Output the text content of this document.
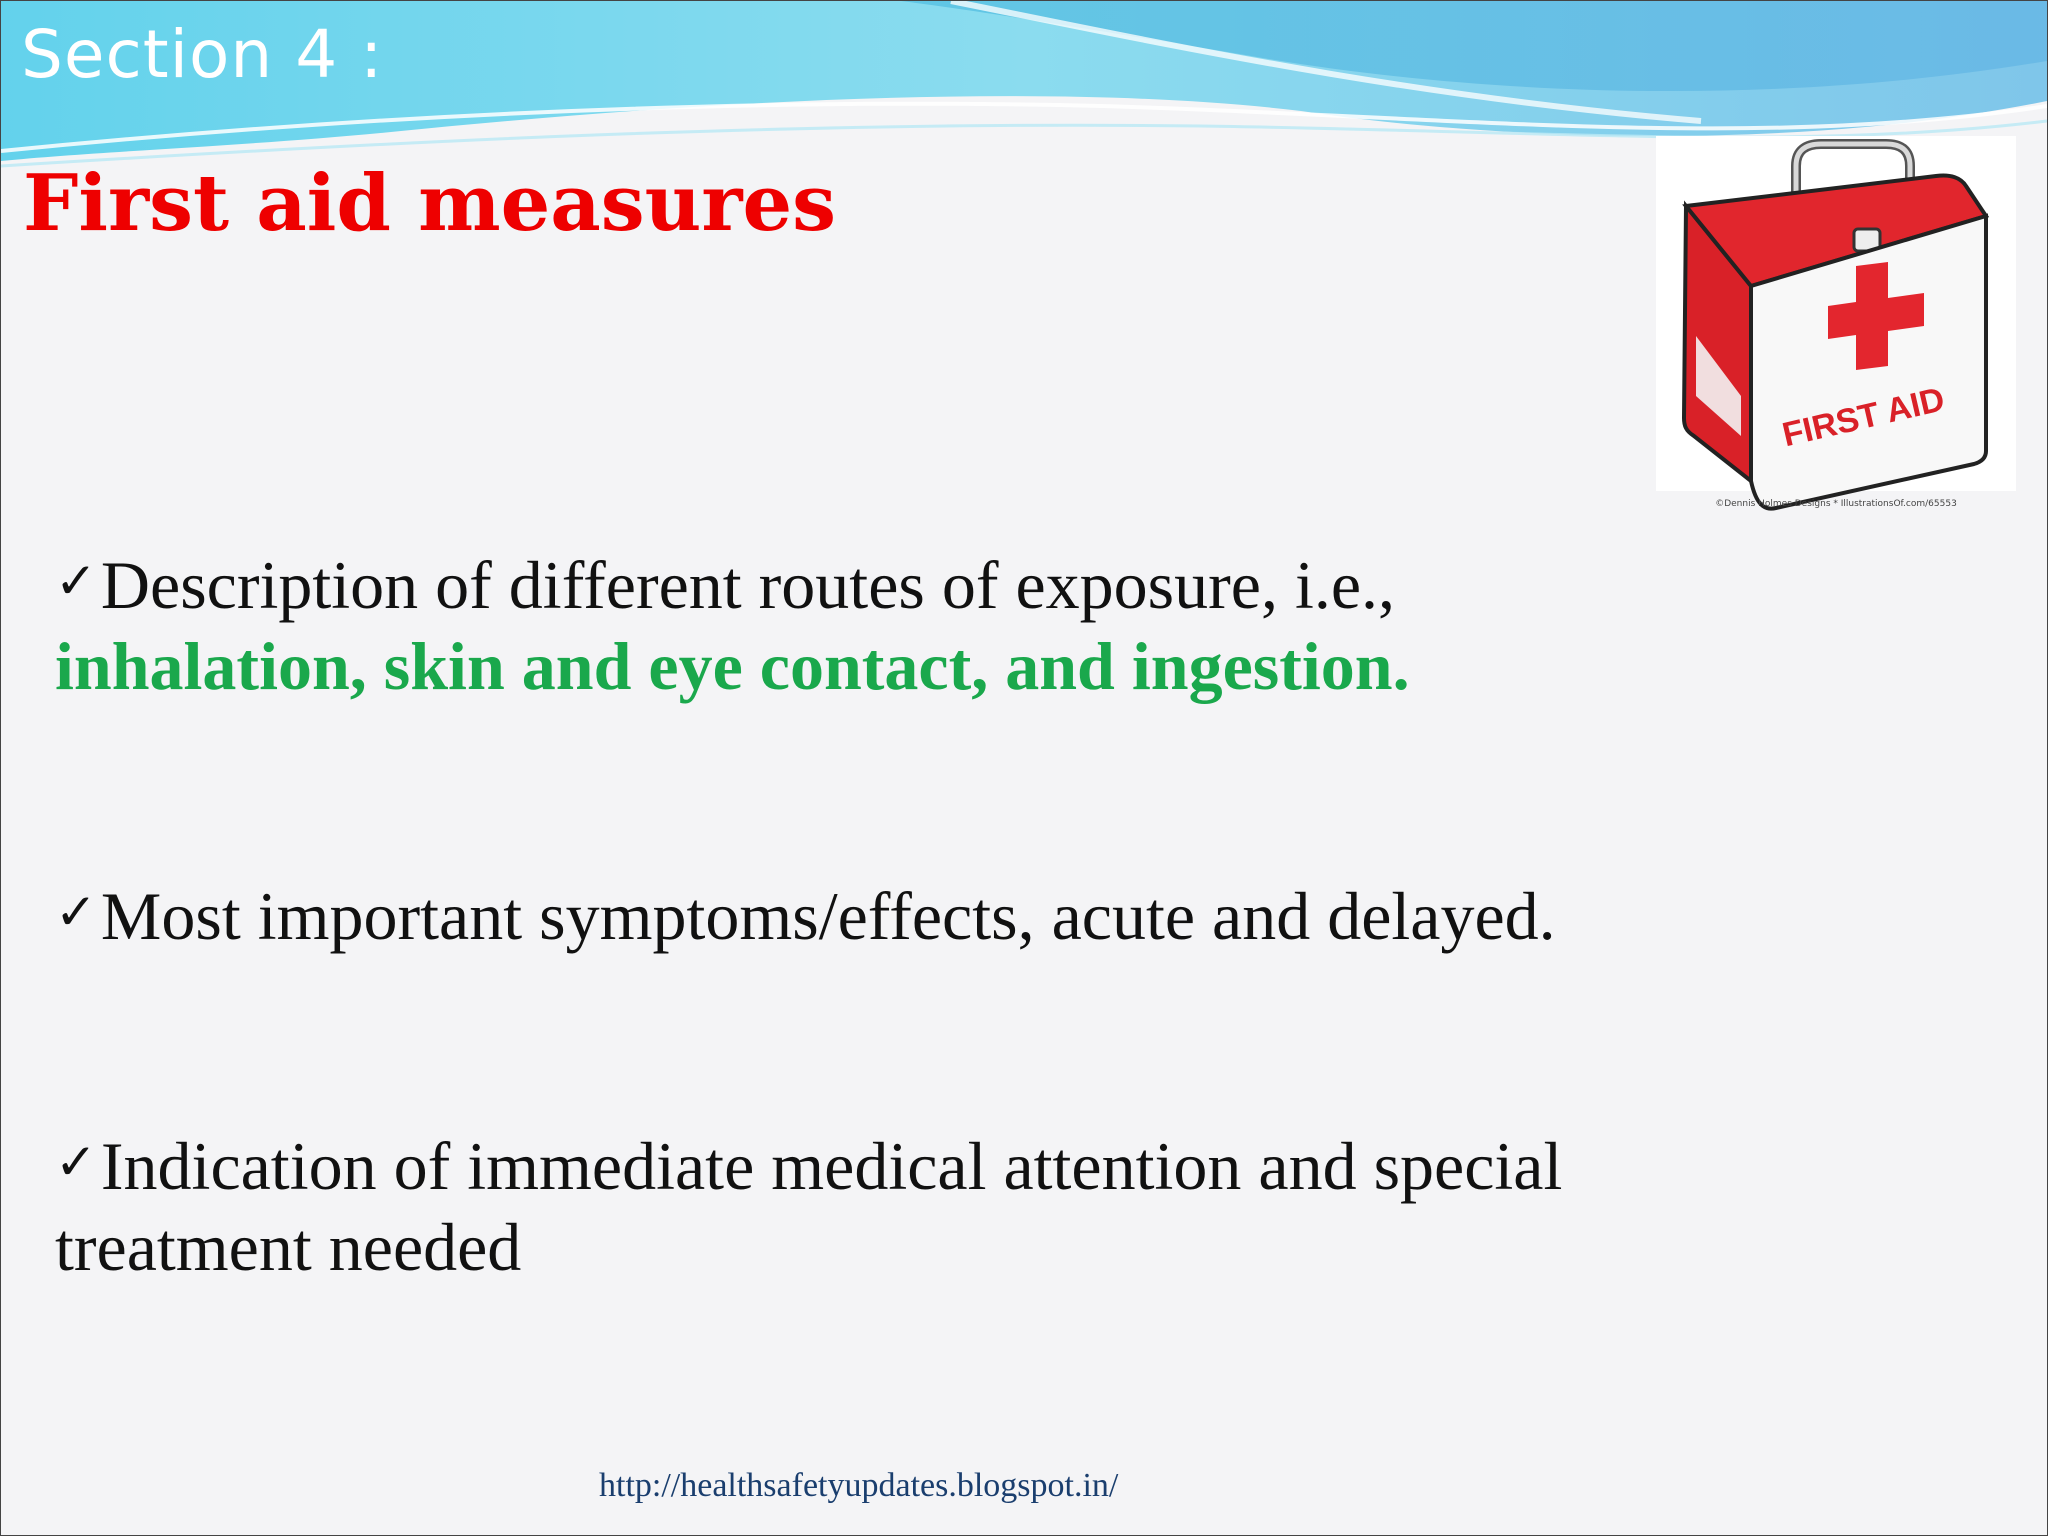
Section 4 :
First aid measures
FIRST AID
©Dennis Holmes Designs * IllustrationsOf.com/65553

✓Description of different routes of exposure, i.e.,
inhalation, skin and eye contact, and ingestion.

✓Most important symptoms/effects, acute and delayed.

✓Indication of immediate medical attention and special treatment needed

http://healthsafetyupdates.blogspot.in/
